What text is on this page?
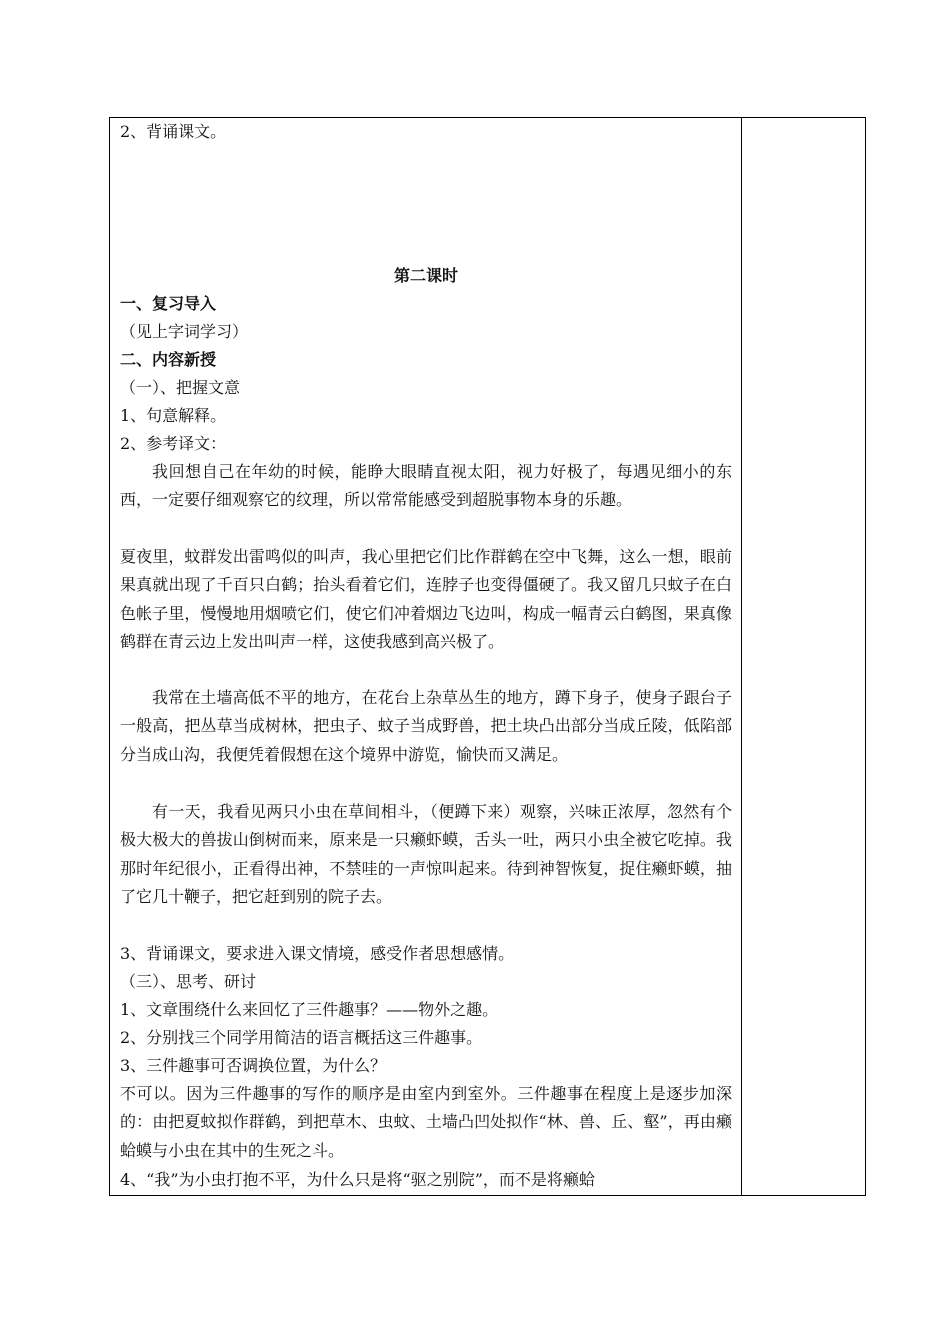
2、背诵课文。
第二课时
一、复习导入
（见上字词学习）
二、内容新授
（一）、把握文意
1、句意解释。
2、参考译文：
我回想自己在年幼的时候，能睁大眼睛直视太阳，视力好极了，每遇见细小的东西，一定要仔细观察它的纹理，所以常常能感受到超脱事物本身的乐趣。
夏夜里，蚊群发出雷鸣似的叫声，我心里把它们比作群鹤在空中飞舞，这么一想，眼前果真就出现了千百只白鹤；抬头看着它们，连脖子也变得僵硬了。我又留几只蚊子在白色帐子里，慢慢地用烟喷它们，使它们冲着烟边飞边叫，构成一幅青云白鹤图，果真像鹤群在青云边上发出叫声一样，这使我感到高兴极了。
我常在土墙高低不平的地方，在花台上杂草丛生的地方，蹲下身子，使身子跟台子一般高，把丛草当成树林，把虫子、蚊子当成野兽，把土块凸出部分当成丘陵，低陷部分当成山沟，我便凭着假想在这个境界中游览，愉快而又满足。
有一天，我看见两只小虫在草间相斗，（便蹲下来）观察，兴味正浓厚，忽然有个极大极大的兽拔山倒树而来，原来是一只癞虾蟆，舌头一吐，两只小虫全被它吃掉。我那时年纪很小，正看得出神，不禁哇的一声惊叫起来。待到神智恢复，捉住癞虾蟆，抽了它几十鞭子，把它赶到别的院子去。
3、背诵课文，要求进入课文情境，感受作者思想感情。
（三）、思考、研讨
1、文章围绕什么来回忆了三件趣事？——物外之趣。
2、分别找三个同学用简洁的语言概括这三件趣事。
3、三件趣事可否调换位置，为什么？
不可以。因为三件趣事的写作的顺序是由室内到室外。三件趣事在程度上是逐步加深的：由把夏蚊拟作群鹤，到把草木、虫蚊、土墙凸凹处拟作“林、兽、丘、壑”，再由癞蛤蟆与小虫在其中的生死之斗。
4、“我”为小虫打抱不平，为什么只是将“驱之别院”，而不是将癞蛤
